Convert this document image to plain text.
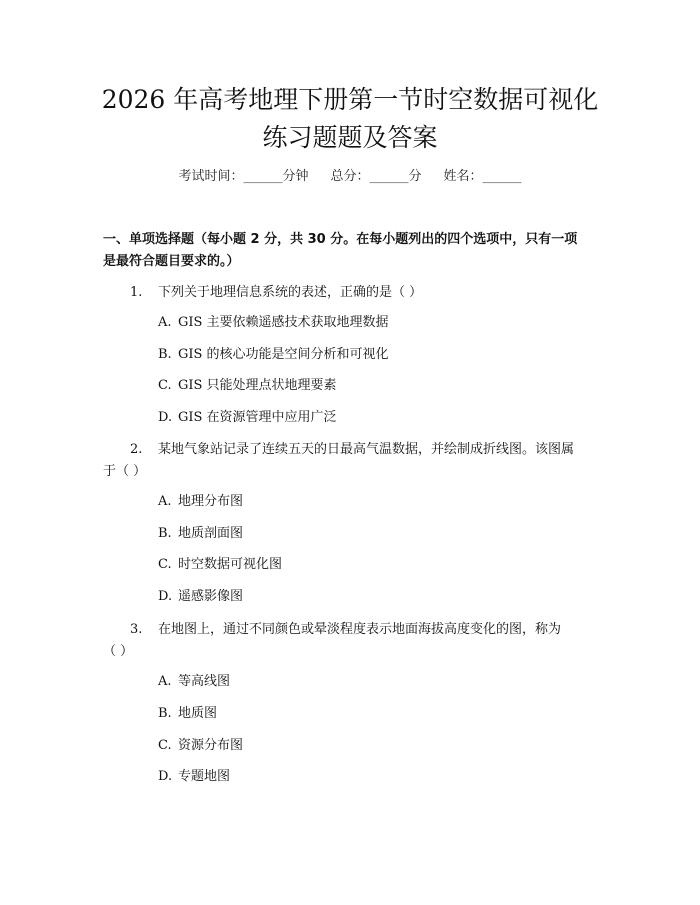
2026 年高考地理下册第一节时空数据可视化
练习题题及答案
考试时间：______分钟 总分：______分 姓名：______
一、单项选择题（每小题 2 分，共 30 分。在每小题列出的四个选项中，只有一项
是最符合题目要求的。）
1. 下列关于地理信息系统的表述，正确的是（ ）
A. GIS 主要依赖遥感技术获取地理数据
B. GIS 的核心功能是空间分析和可视化
C. GIS 只能处理点状地理要素
D. GIS 在资源管理中应用广泛
2. 某地气象站记录了连续五天的日最高气温数据，并绘制成折线图。该图属
于（ ）
A. 地理分布图
B. 地质剖面图
C. 时空数据可视化图
D. 遥感影像图
3. 在地图上，通过不同颜色或晕淡程度表示地面海拔高度变化的图，称为
（ ）
A. 等高线图
B. 地质图
C. 资源分布图
D. 专题地图
